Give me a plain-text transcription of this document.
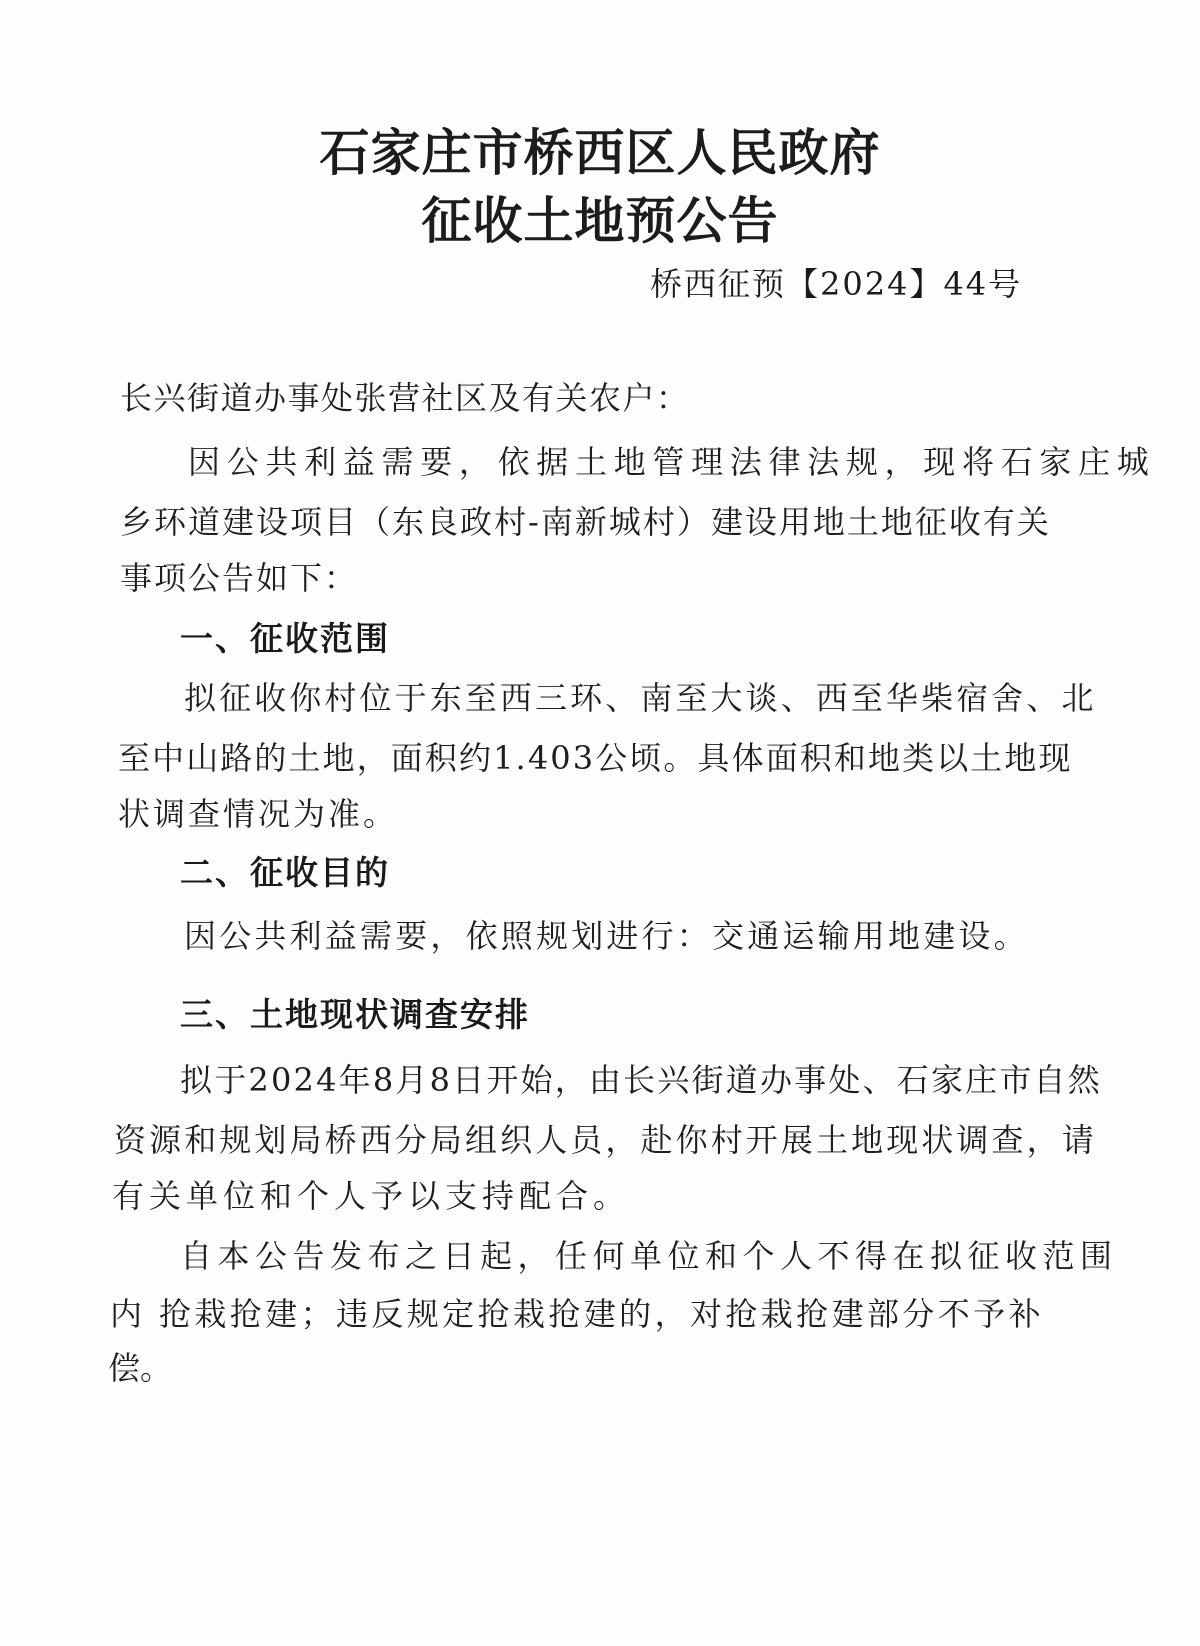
石家庄市桥西区人民政府
征收土地预公告
桥西征预【2024】44号
长兴街道办事处张营社区及有关农户：
因公共利益需要，依据土地管理法律法规，现将石家庄城
乡环道建设项目（东良政村-南新城村）建设用地土地征收有关
事项公告如下：
一、征收范围
拟征收你村位于东至西三环、南至大谈、西至华柴宿舍、北
至中山路的土地，面积约1.403公顷。具体面积和地类以土地现
状调查情况为准。
二、征收目的
因公共利益需要，依照规划进行：交通运输用地建设。
三、土地现状调查安排
拟于2024年8月8日开始，由长兴街道办事处、石家庄市自然
资源和规划局桥西分局组织人员，赴你村开展土地现状调查，请
有关单位和个人予以支持配合。
自本公告发布之日起，任何单位和个人不得在拟征收范围
内 抢栽抢建；违反规定抢栽抢建的，对抢栽抢建部分不予补
偿。
